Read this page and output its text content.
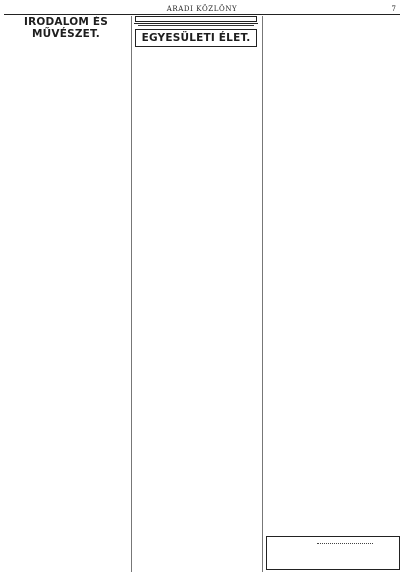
ARADI KÖZLÖNY	7
IRODALOM ÉS MŰVÉSZET.	EGYESÜLETI ÉLET.
